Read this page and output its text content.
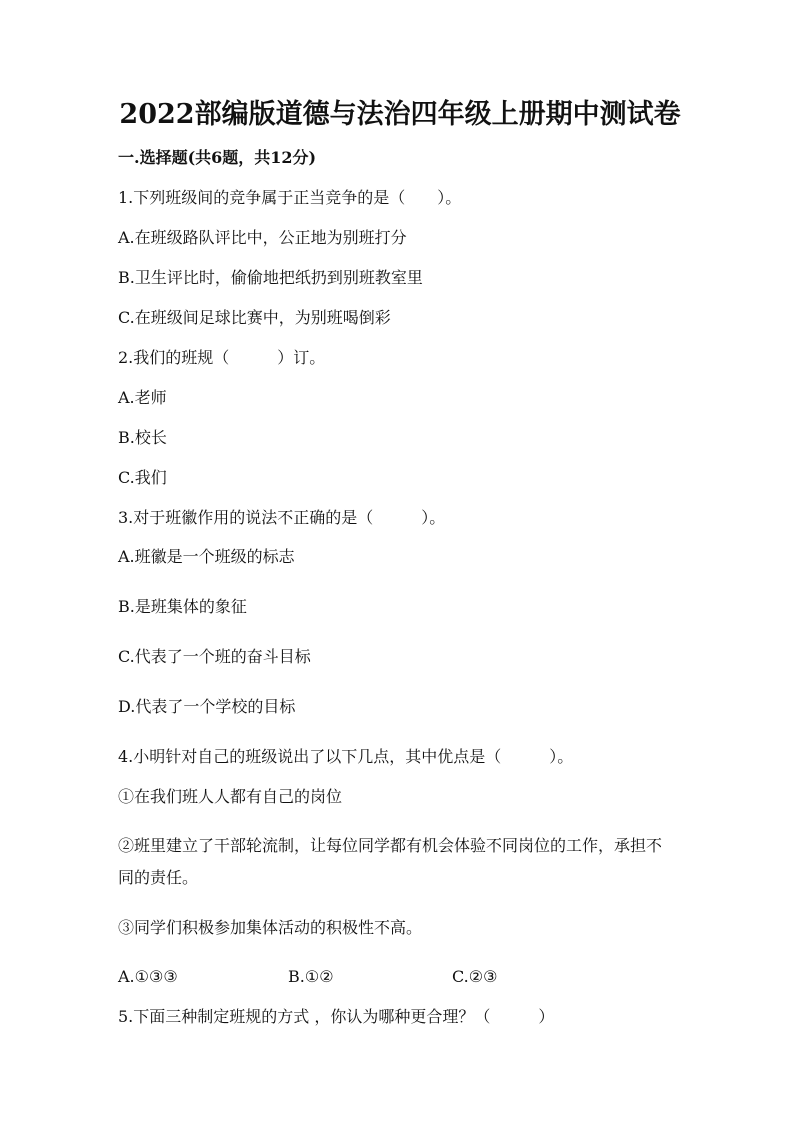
2022部编版道德与法治四年级上册期中测试卷
一.选择题(共6题，共12分)
1.下列班级间的竞争属于正当竞争的是（　　）。
A.在班级路队评比中，公正地为别班打分
B.卫生评比时，偷偷地把纸扔到别班教室里
C.在班级间足球比赛中，为别班喝倒彩
2.我们的班规（　　　）订。
A.老师
B.校长
C.我们
3.对于班徽作用的说法不正确的是（　　　）。
A.班徽是一个班级的标志
B.是班集体的象征
C.代表了一个班的奋斗目标
D.代表了一个学校的目标
4.小明针对自己的班级说出了以下几点，其中优点是（　　　）。
①在我们班人人都有自己的岗位
②班里建立了干部轮流制，让每位同学都有机会体验不同岗位的工作，承担不
同的责任。
③同学们积极参加集体活动的积极性不高。
A.①③③	B.①②	C.②③
5.下面三种制定班规的方式 ，你认为哪种更合理？（　　　）
